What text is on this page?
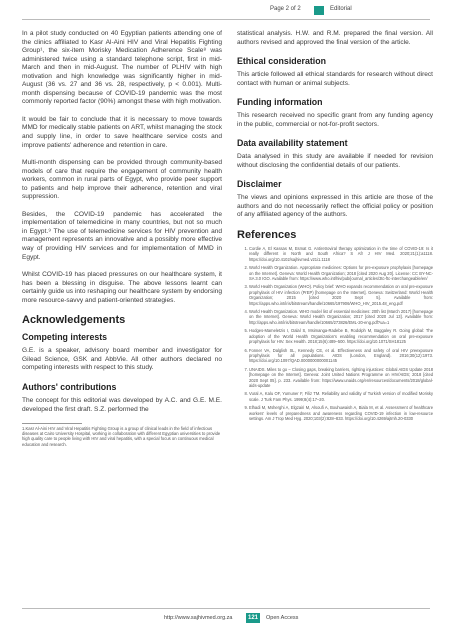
Page 2 of 2	Editorial

In a pilot study conducted on 40 Egyptian patients attending one of the clinics affiliated to Kasr Al-Aini HIV and Viral Hepatitis Fighting Group¹, the six-item Morisky Medication Adherence Scale⁸ was administered twice using a standard telephone script, first in mid-March and then in mid-August. The number of PLHIV with high motivation and high knowledge was significantly higher in mid-August (36 vs. 27 and 36 vs. 28, respectively, p < 0.001). Multi-month dispensing because of COVID-19 pandemic was the most commonly reported factor (90%) amongst these with high motivation.

It would be fair to conclude that it is necessary to move towards MMD for medically stable patients on ART, whilst managing the stock and supply line, in order to save healthcare service costs and improve patients' adherence and retention in care.

Multi-month dispensing can be provided through community-based models of care that require the engagement of community health workers, common in rural parts of Egypt, who provide peer support to patients and help improve their adherence, retention and viral suppression.

Besides, the COVID-19 pandemic has accelerated the implementation of telemedicine in many countries, but not so much in Egypt.⁹ The use of telemedicine services for HIV prevention and management represents an innovative and a possibly more effective way of providing HIV services and for implementation of MMD in Egypt.

Whilst COVID-19 has placed pressures on our healthcare system, it has been a blessing in disguise. The above lessons learnt can certainly guide us into reshaping our healthcare system by endorsing more resource-savvy and patient-oriented strategies.

Acknowledgements
Competing interests

G.E. is a speaker, advisory board member and investigator for Gilead Science, GSK and AbbVie. All other authors declared no competing interests with respect to this study.

Authors' contributions

The concept for this editorial was developed by A.C. and G.E. M.E. developed the first draft. S.Z. performed the

1.Kasr Al-Aini HIV and Viral Hepatitis Fighting Group is a group of clinical leads in the field of infectious diseases at Cairo University Hospital, working in collaboration with different Egyptian universities to provide high quality care to people living with HIV and viral hepatitis, with a special focus on continuous medical education and research.

statistical analysis. H.W. and R.M. prepared the final version. All authors revised and approved the final version of the article.

Ethical consideration

This article followed all ethical standards for research without direct contact with human or animal subjects.

Funding information

This research received no specific grant from any funding agency in the public, commercial or not-for-profit sectors.

Data availability statement

Data analysed in this study are available if needed for revision without disclosing the confidential details of our patients.

Disclaimer

The views and opinions expressed in this article are those of the authors and do not necessarily reflect the official policy or position of any affiliated agency of the authors.

References
1. Cordie A, El Kassas M, Esmat G. Antiretroviral therapy optimization in the time of COVID-19: Is it really different in North and South Africa? S Afr J HIV Med. 2020;21(1):a1118. https://doi.org/10.4102/sajhivmed.v21i1.1118
2. World Health Organization. Appropriate medicines: Options for pre-exposure prophylaxis [homepage on the Internet]. Geneva: World Health Organization; 2018 [cited 2020 Aug 20]. License: CC BY-NC-SA 3.0 IGO. Available from: https://www.who.int/hiv/pub/journal_articles/3tc-ftc-interchangeable/en/
3. World Health Organization (WHO). Policy brief: WHO expands recommendation on oral pre-exposure prophylaxis of HIV infection (PrEP) [homepage on the Internet]. Geneva: Switzerland: World Health Organization; 2015 [cited 2020 Sept 5]. Available from: https://apps.who.int/iris/bitstream/handle/10665/197906/WHO_HIV_2015.48_eng.pdf
4. World Health Organization. WHO model list of essential medicines: 20th list (March 2017) [homepage on the Internet]. Geneva: World Health Organization; 2017 [cited 2020 Jul 13]. Available from: http://apps.who.int/iris/bitstream/handle/10665/273826/EML-20-eng.pdf?ua=1
5. Hodges-Mameletzis I, Dalal S, Msimanga-Radebe B, Rodolph M, Baggaley R. Going global: The adoption of the World Health Organization's enabling recommendation on oral pre-exposure prophylaxis for HIV. Sex Health. 2018;15(6):489–500. https://doi.org/10.1071/SH18125
6. Fonner VA, Dalglish SL, Kennedy CE, et al. Effectiveness and safety of oral HIV preexposure prophylaxis for all populations. AIDS (London, England). 2016;30(12):1973. https://doi.org/10.1097/QAD.0000000000001145
7. UNAIDS. Miles to go – Closing gaps, breaking barriers, righting injustices: Global AIDS Update 2018 [homepage on the Internet]. Geneva: Joint United Nations Programme on HIV/AIDS; 2018 [cited 2020 Sept 05]. p. 233. Available from: https://www.unaids.org/en/resources/documents/2018/global-aids-update
8. Vural A, Kalu OF, Yumuner F, Filiz TM. Reliability and validity of Turkish version of modified Morisky scale. J Turk Fam Phys. 1999;8(4):17–20.
9. Elhadi M, Msherghi A, Elgzairi M, Alsoufi A, Bouhuwaish A, Biala M, et al. Assessment of healthcare workers' levels of preparedness and awareness regarding COVID-19 infection in low-resource settings. Am J Trop Med Hyg. 2020;103(2):828–833. https://doi.org/10.4269/ajtmh.20-0330
http://www.sajhivmed.org.za	121	Open Access
